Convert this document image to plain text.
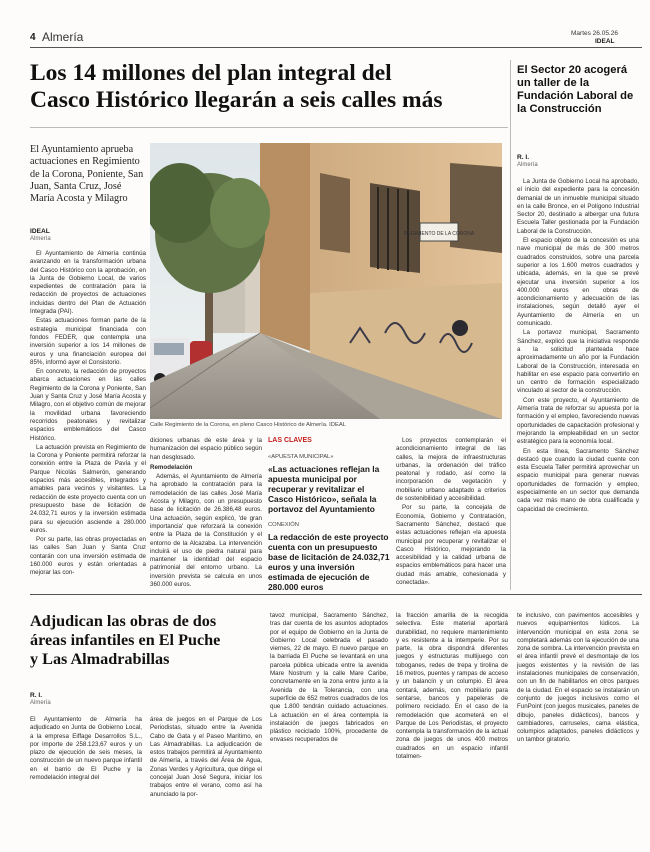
4 Almería	Martes 26.05.26
IDEAL
Los 14 millones del plan integral del
Casco Histórico llegarán a seis calles más
El Ayuntamiento aprueba actuaciones en Regimiento de la Corona, Poniente, San Juan, Santa Cruz, José María Acosta y Milagro
IDEAL
Almería

El Ayuntamiento de Almería continúa avanzando en la transformación urbana del Casco Histórico con la aprobación, en la Junta de Gobierno Local, de varios expedientes de contratación para la redacción de proyectos de actuaciones incluidas dentro del Plan de Actuación Integrada (PAI).

Estas actuaciones forman parte de la estrategia municipal financiada con fondos FEDER, que contempla una inversión superior a los 14 millones de euros y una financiación europea del 85%, informó ayer el Consistorio.

En concreto, la redacción de proyectos abarca actuaciones en las calles Regimiento de la Corona y Poniente, San Juan y Santa Cruz y José María Acosta y Milagro, con el objetivo común de mejorar la movilidad urbana favoreciendo recorridos peatonales y revitalizar espacios emblemáticos del Casco Histórico.

La actuación prevista en Regimiento de la Corona y Poniente permitirá reforzar la conexión entre la Plaza de Pavía y el Parque Nicolás Salmerón, generando espacios más accesibles, integrados y amables para vecinos y visitantes. La redacción de este proyecto cuenta con un presupuesto base de licitación de 24.032,71 euros y la inversión estimada para su ejecución asciende a 280.000 euros.

Por su parte, las obras proyectadas en las calles San Juan y Santa Cruz contarán con una inversión estimada de 160.000 euros y están orientadas a mejorar las con-

REGIMIENTO DE LA CORONA
Calle Regimiento de la Corona, en pleno Casco Histórico de Almería. IDEAL

diciones urbanas de este área y la humanización del espacio público según han desglosado.

Remodelación

Además, el Ayuntamiento de Almería ha aprobado la contratación para la remodelación de las calles José María Acosta y Milagro, con un presupuesto base de licitación de 26.386,48 euros. Una actuación, según explicó, 'de gran importancia' que reforzará la conexión entre la Plaza de la Constitución y el entorno de la Alcazaba. La intervención incluirá el uso de piedra natural para mantener la identidad del espacio patrimonial del entorno urbano. La inversión prevista se calcula en unos 360.000 euros.

LAS CLAVES
«APUESTA MUNICIPAL»
«Las actuaciones reflejan la apuesta municipal por recuperar y revitalizar el Casco Histórico», señala la portavoz del Ayuntamiento
CONEXIÓN
La redacción de este proyecto cuenta con un presupuesto base de licitación de 24.032,71 euros y una inversión estimada de ejecución de 280.000 euros

Los proyectos contemplarán el acondicionamiento integral de las calles, la mejora de infraestructuras urbanas, la ordenación del tráfico peatonal y rodado, así como la incorporación de vegetación y mobiliario urbano adaptado a criterios de sostenibilidad y accesibilidad.

Por su parte, la concejala de Economía, Gobierno y Contratación, Sacramento Sánchez, destacó que estas actuaciones reflejan «la apuesta municipal por recuperar y revitalizar el Casco Histórico, mejorando la accesibilidad y la calidad urbana de espacios emblemáticos para hacer una ciudad más amable, cohesionada y conectada».

El Sector 20 acogerá un taller de la Fundación Laboral de la Construcción
R. I.
Almería

La Junta de Gobierno Local ha aprobado, el inicio del expediente para la concesión demanial de un inmueble municipal situado en la calle Bronce, en el Polígono Industrial Sector 20, destinado a albergar una futura Escuela Taller gestionada por la Fundación Laboral de la Construcción.

El espacio objeto de la concesión es una nave municipal de más de 300 metros cuadrados construidos, sobre una parcela superior a los 1.600 metros cuadrados y ubicada, además, en la que se prevé ejecutar una inversión superior a los 400.000 euros en obras de acondicionamiento y adecuación de las instalaciones, según detalló ayer el Ayuntamiento de Almería en un comunicado.

La portavoz municipal, Sacramento Sánchez, explicó que la iniciativa responde a la solicitud planteada hace aproximadamente un año por la Fundación Laboral de la Construcción, interesada en habilitar en ese espacio para convertirlo en un centro de formación especializado vinculado al sector de la construcción.

Con este proyecto, el Ayuntamiento de Almería trata de reforzar su apuesta por la formación y el empleo, favoreciendo nuevas oportunidades de capacitación profesional y mejorando la empleabilidad en un sector estratégico para la economía local.

En esta línea, Sacramento Sánchez destacó que cuando la ciudad cuente con esta Escuela Taller permitirá aprovechar un espacio municipal para generar nuevas oportunidades de formación y empleo, especialmente en un sector que demanda cada vez más mano de obra cualificada y capacidad de crecimiento.

Adjudican las obras de dos
áreas infantiles en El Puche
y Las Almadrabillas
R. I.
Almería

El Ayuntamiento de Almería ha adjudicado en Junta de Gobierno Local, a la empresa Eiffage Desarrollos S.L., por importe de 258.123,67 euros y un plazo de ejecución de seis meses, la construcción de un nuevo parque infantil en el barrio de El Puche y la remodelación integral del

área de juegos en el Parque de Los Periodistas, situado entre la Avenida Cabo de Gata y el Paseo Marítimo, en Las Almadrabillas. La adjudicación de estos trabajos permitirá al Ayuntamiento de Almería, a través del Área de Agua, Zonas Verdes y Agricultura, que dirige el concejal Juan José Segura, iniciar los trabajos entre el verano, como así ha anunciado la por-

tavoz municipal, Sacramento Sánchez, tras dar cuenta de los asuntos adoptados por el equipo de Gobierno en la Junta de Gobierno Local celebrada el pasado viernes, 22 de mayo. El nuevo parque en la barriada El Puche se levantará en una parcela pública ubicada entre la avenida Mare Nostrum y la calle Mare Caribe, concretamente en la zona entre junto a la Avenida de la Tolerancia, con una superficie de 652 metros cuadrados de los que 1.800 tendrán cuidado actuaciones. La actuación en el área contempla la instalación de juegos fabricados en plástico reciclado 100%, procedente de envases recuperados de

la fracción amarilla de la recogida selectiva. Este material aportará durabilidad, no requiere mantenimiento y es resistente a la intemperie. Por su parte, la obra dispondrá diferentes juegos y estructuras multijuego con toboganes, redes de trepa y tirolina de 16 metros, puentes y rampas de acceso y un balancín y un columpio. El área contará, además, con mobiliario para sentarse, bancos y papeleras de polímero reciclado. En el caso de la remodelación que acometerá en el Parque de Los Periodistas, el proyecto contempla la transformación de la actual zona de juegos de unos 400 metros cuadrados en un espacio infantil totalmen-

te inclusivo, con pavimentos accesibles y nuevos equipamientos lúdicos. La intervención municipal en esta zona se completará además con la ejecución de una zona de sombra. La intervención prevista en el área infantil prevé el desmontaje de los juegos existentes y la revisión de las instalaciones municipales de conservación, con un fin de habilitarlos en otros parques de la ciudad. En el espacio se instalarán un conjunto de juegos inclusivos como el FunPoint (con juegos musicales, paneles de dibujo, paneles didácticos), bancos y cambiadores, carruseles, cama elástica, columpios adaptados, paneles didácticos y un tambor giratorio.
